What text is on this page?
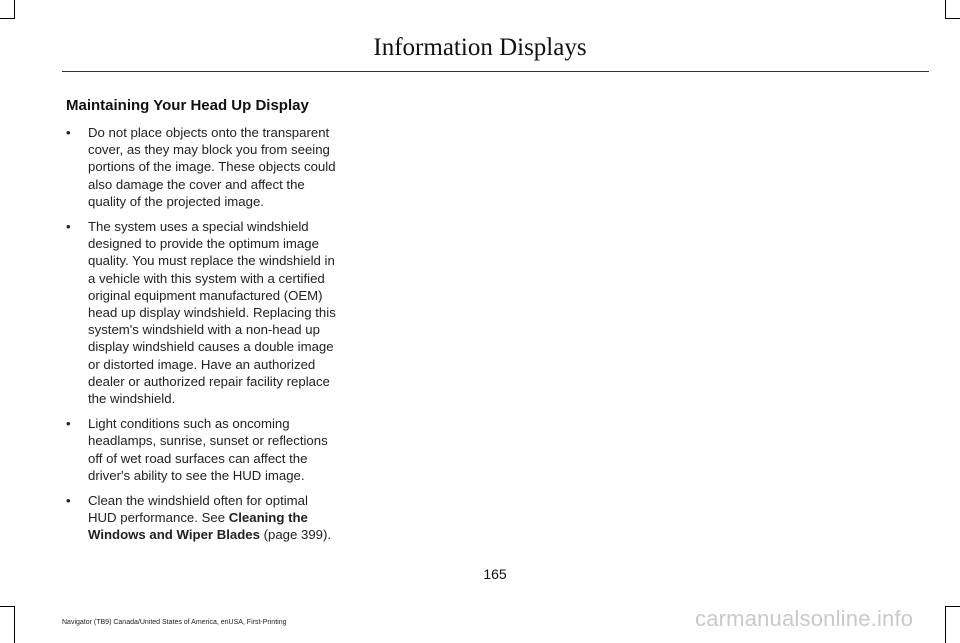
Information Displays
Maintaining Your Head Up Display
• Do not place objects onto the transparent cover, as they may block you from seeing portions of the image. These objects could also damage the cover and affect the quality of the projected image.
• The system uses a special windshield designed to provide the optimum image quality. You must replace the windshield in a vehicle with this system with a certified original equipment manufactured (OEM) head up display windshield. Replacing this system's windshield with a non-head up display windshield causes a double image or distorted image. Have an authorized dealer or authorized repair facility replace the windshield.
• Light conditions such as oncoming headlamps, sunrise, sunset or reflections off of wet road surfaces can affect the driver's ability to see the HUD image.
• Clean the windshield often for optimal HUD performance. See Cleaning the Windows and Wiper Blades (page 399).
165
Navigator (TB9) Canada/United States of America, enUSA, First-Printing	carmanualsonline.info
